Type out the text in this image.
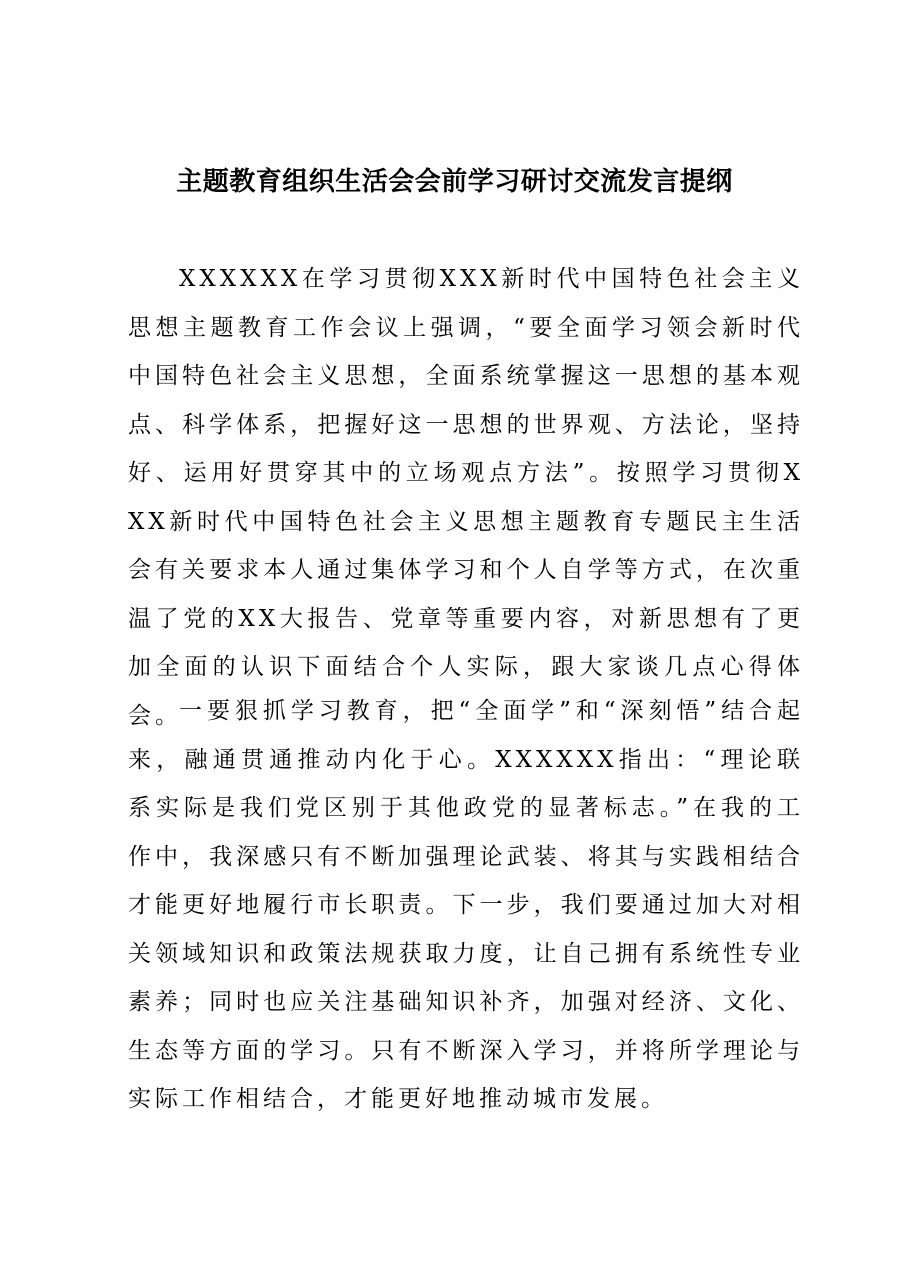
主题教育组织生活会会前学习研讨交流发言提纲

XXXXXX在学习贯彻XXX新时代中国特色社会主义思想主题教育工作会议上强调，“要全面学习领会新时代中国特色社会主义思想，全面系统掌握这一思想的基本观点、科学体系，把握好这一思想的世界观、方法论，坚持好、运用好贯穿其中的立场观点方法”。按照学习贯彻XXX新时代中国特色社会主义思想主题教育专题民主生活会有关要求本人通过集体学习和个人自学等方式，在次重温了党的XX大报告、党章等重要内容，对新思想有了更加全面的认识下面结合个人实际，跟大家谈几点心得体会。

一要狠抓学习教育，把“全面学”和“深刻悟”结合起来，融通贯通推动内化于心。XXXXXX指出：“理论联系实际是我们党区别于其他政党的显著标志。”在我的工作中，我深感只有不断加强理论武装、将其与实践相结合才能更好地履行市长职责。下一步，我们要通过加大对相关领域知识和政策法规获取力度，让自己拥有系统性专业素养；同时也应关注基础知识补齐，加强对经济、文化、生态等方面的学习。只有不断深入学习，并将所学理论与实际工作相结合，才能更好地推动城市发展。
